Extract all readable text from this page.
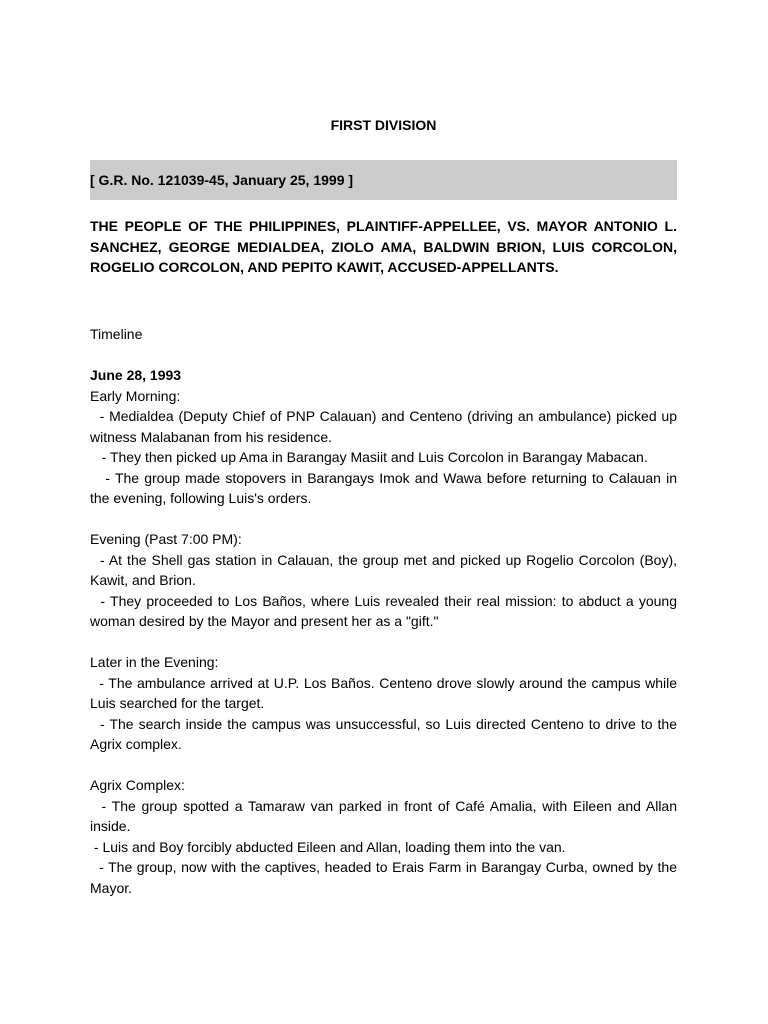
FIRST DIVISION
[ G.R. No. 121039-45, January 25, 1999 ]
THE PEOPLE OF THE PHILIPPINES, PLAINTIFF-APPELLEE, VS. MAYOR ANTONIO L. SANCHEZ, GEORGE MEDIALDEA, ZIOLO AMA, BALDWIN BRION, LUIS CORCOLON, ROGELIO CORCOLON, AND PEPITO KAWIT, ACCUSED-APPELLANTS.

Timeline

June 28, 1993

Early Morning:

- Medialdea (Deputy Chief of PNP Calauan) and Centeno (driving an ambulance) picked up witness Malabanan from his residence.

- They then picked up Ama in Barangay Masiit and Luis Corcolon in Barangay Mabacan.

- The group made stopovers in Barangays Imok and Wawa before returning to Calauan in the evening, following Luis's orders.

Evening (Past 7:00 PM):

- At the Shell gas station in Calauan, the group met and picked up Rogelio Corcolon (Boy), Kawit, and Brion.

- They proceeded to Los Baños, where Luis revealed their real mission: to abduct a young woman desired by the Mayor and present her as a "gift."

Later in the Evening:

- The ambulance arrived at U.P. Los Baños. Centeno drove slowly around the campus while Luis searched for the target.

- The search inside the campus was unsuccessful, so Luis directed Centeno to drive to the Agrix complex.

Agrix Complex:

- The group spotted a Tamaraw van parked in front of Café Amalia, with Eileen and Allan inside.

- Luis and Boy forcibly abducted Eileen and Allan, loading them into the van.

- The group, now with the captives, headed to Erais Farm in Barangay Curba, owned by the Mayor.
